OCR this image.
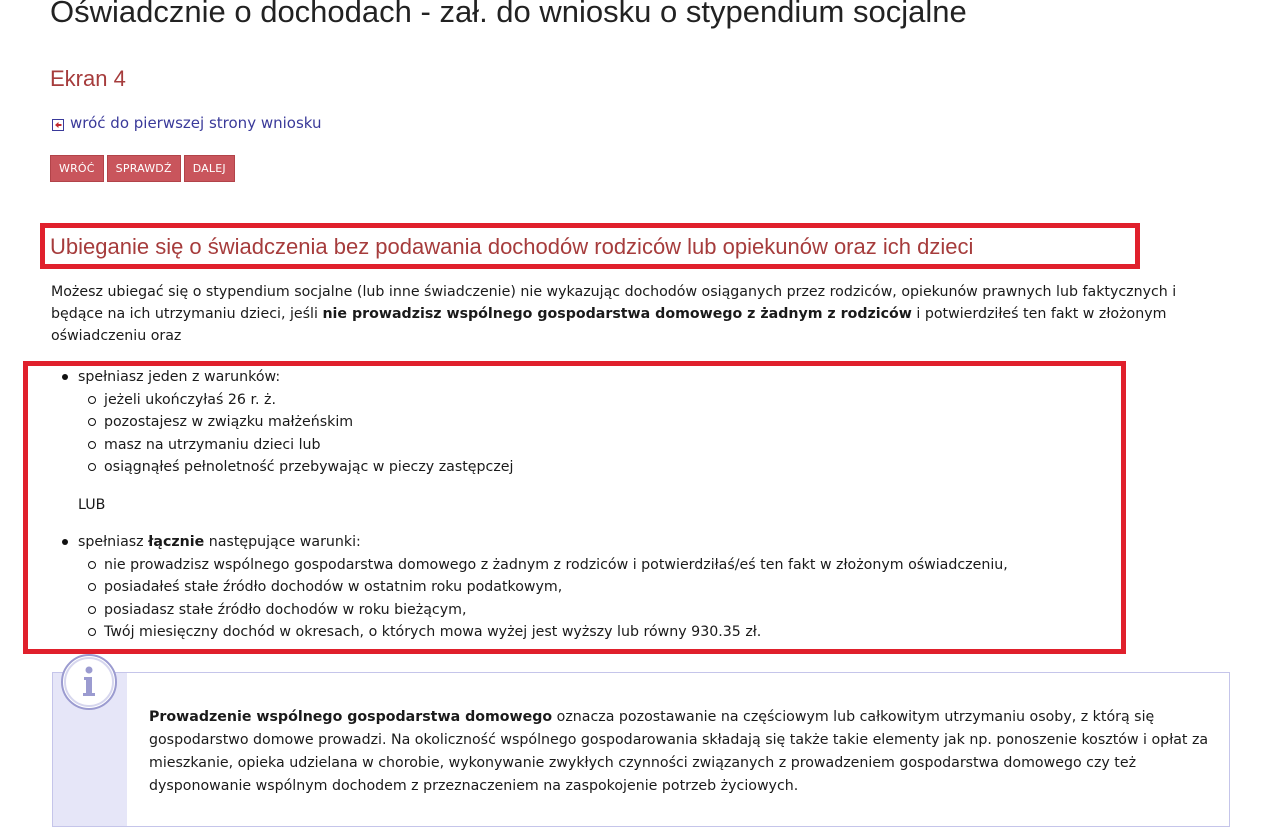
Oświadcznie o dochodach - zał. do wniosku o stypendium socjalne
Ekran 4
wróć do pierwszej strony wniosku
WRÓĆ	SPRAWDŹ	DALEJ
Ubieganie się o świadczenia bez podawania dochodów rodziców lub opiekunów oraz ich dzieci

Możesz ubiegać się o stypendium socjalne (lub inne świadczenie) nie wykazując dochodów osiąganych przez rodziców, opiekunów prawnych lub faktycznych i będące na ich utrzymaniu dzieci, jeśli nie prowadzisz wspólnego gospodarstwa domowego z żadnym z rodziców i potwierdziłeś ten fakt w złożonym oświadczeniu oraz

spełniasz jeden z warunków:
jeżeli ukończyłaś 26 r. ż.
pozostajesz w związku małżeńskim
masz na utrzymaniu dzieci lub
osiągnąłeś pełnoletność przebywając w pieczy zastępczej
LUB
spełniasz łącznie następujące warunki:
nie prowadzisz wspólnego gospodarstwa domowego z żadnym z rodziców i potwierdziłaś/eś ten fakt w złożonym oświadczeniu,
posiadałeś stałe źródło dochodów w ostatnim roku podatkowym,
posiadasz stałe źródło dochodów w roku bieżącym,
Twój miesięczny dochód w okresach, o których mowa wyżej jest wyższy lub równy 930.35 zł.

Prowadzenie wspólnego gospodarstwa domowego oznacza pozostawanie na częściowym lub całkowitym utrzymaniu osoby, z którą się gospodarstwo domowe prowadzi. Na okoliczność wspólnego gospodarowania składają się także takie elementy jak np. ponoszenie kosztów i opłat za mieszkanie, opieka udzielana w chorobie, wykonywanie zwykłych czynności związanych z prowadzeniem gospodarstwa domowego czy też dysponowanie wspólnym dochodem z przeznaczeniem na zaspokojenie potrzeb życiowych.
